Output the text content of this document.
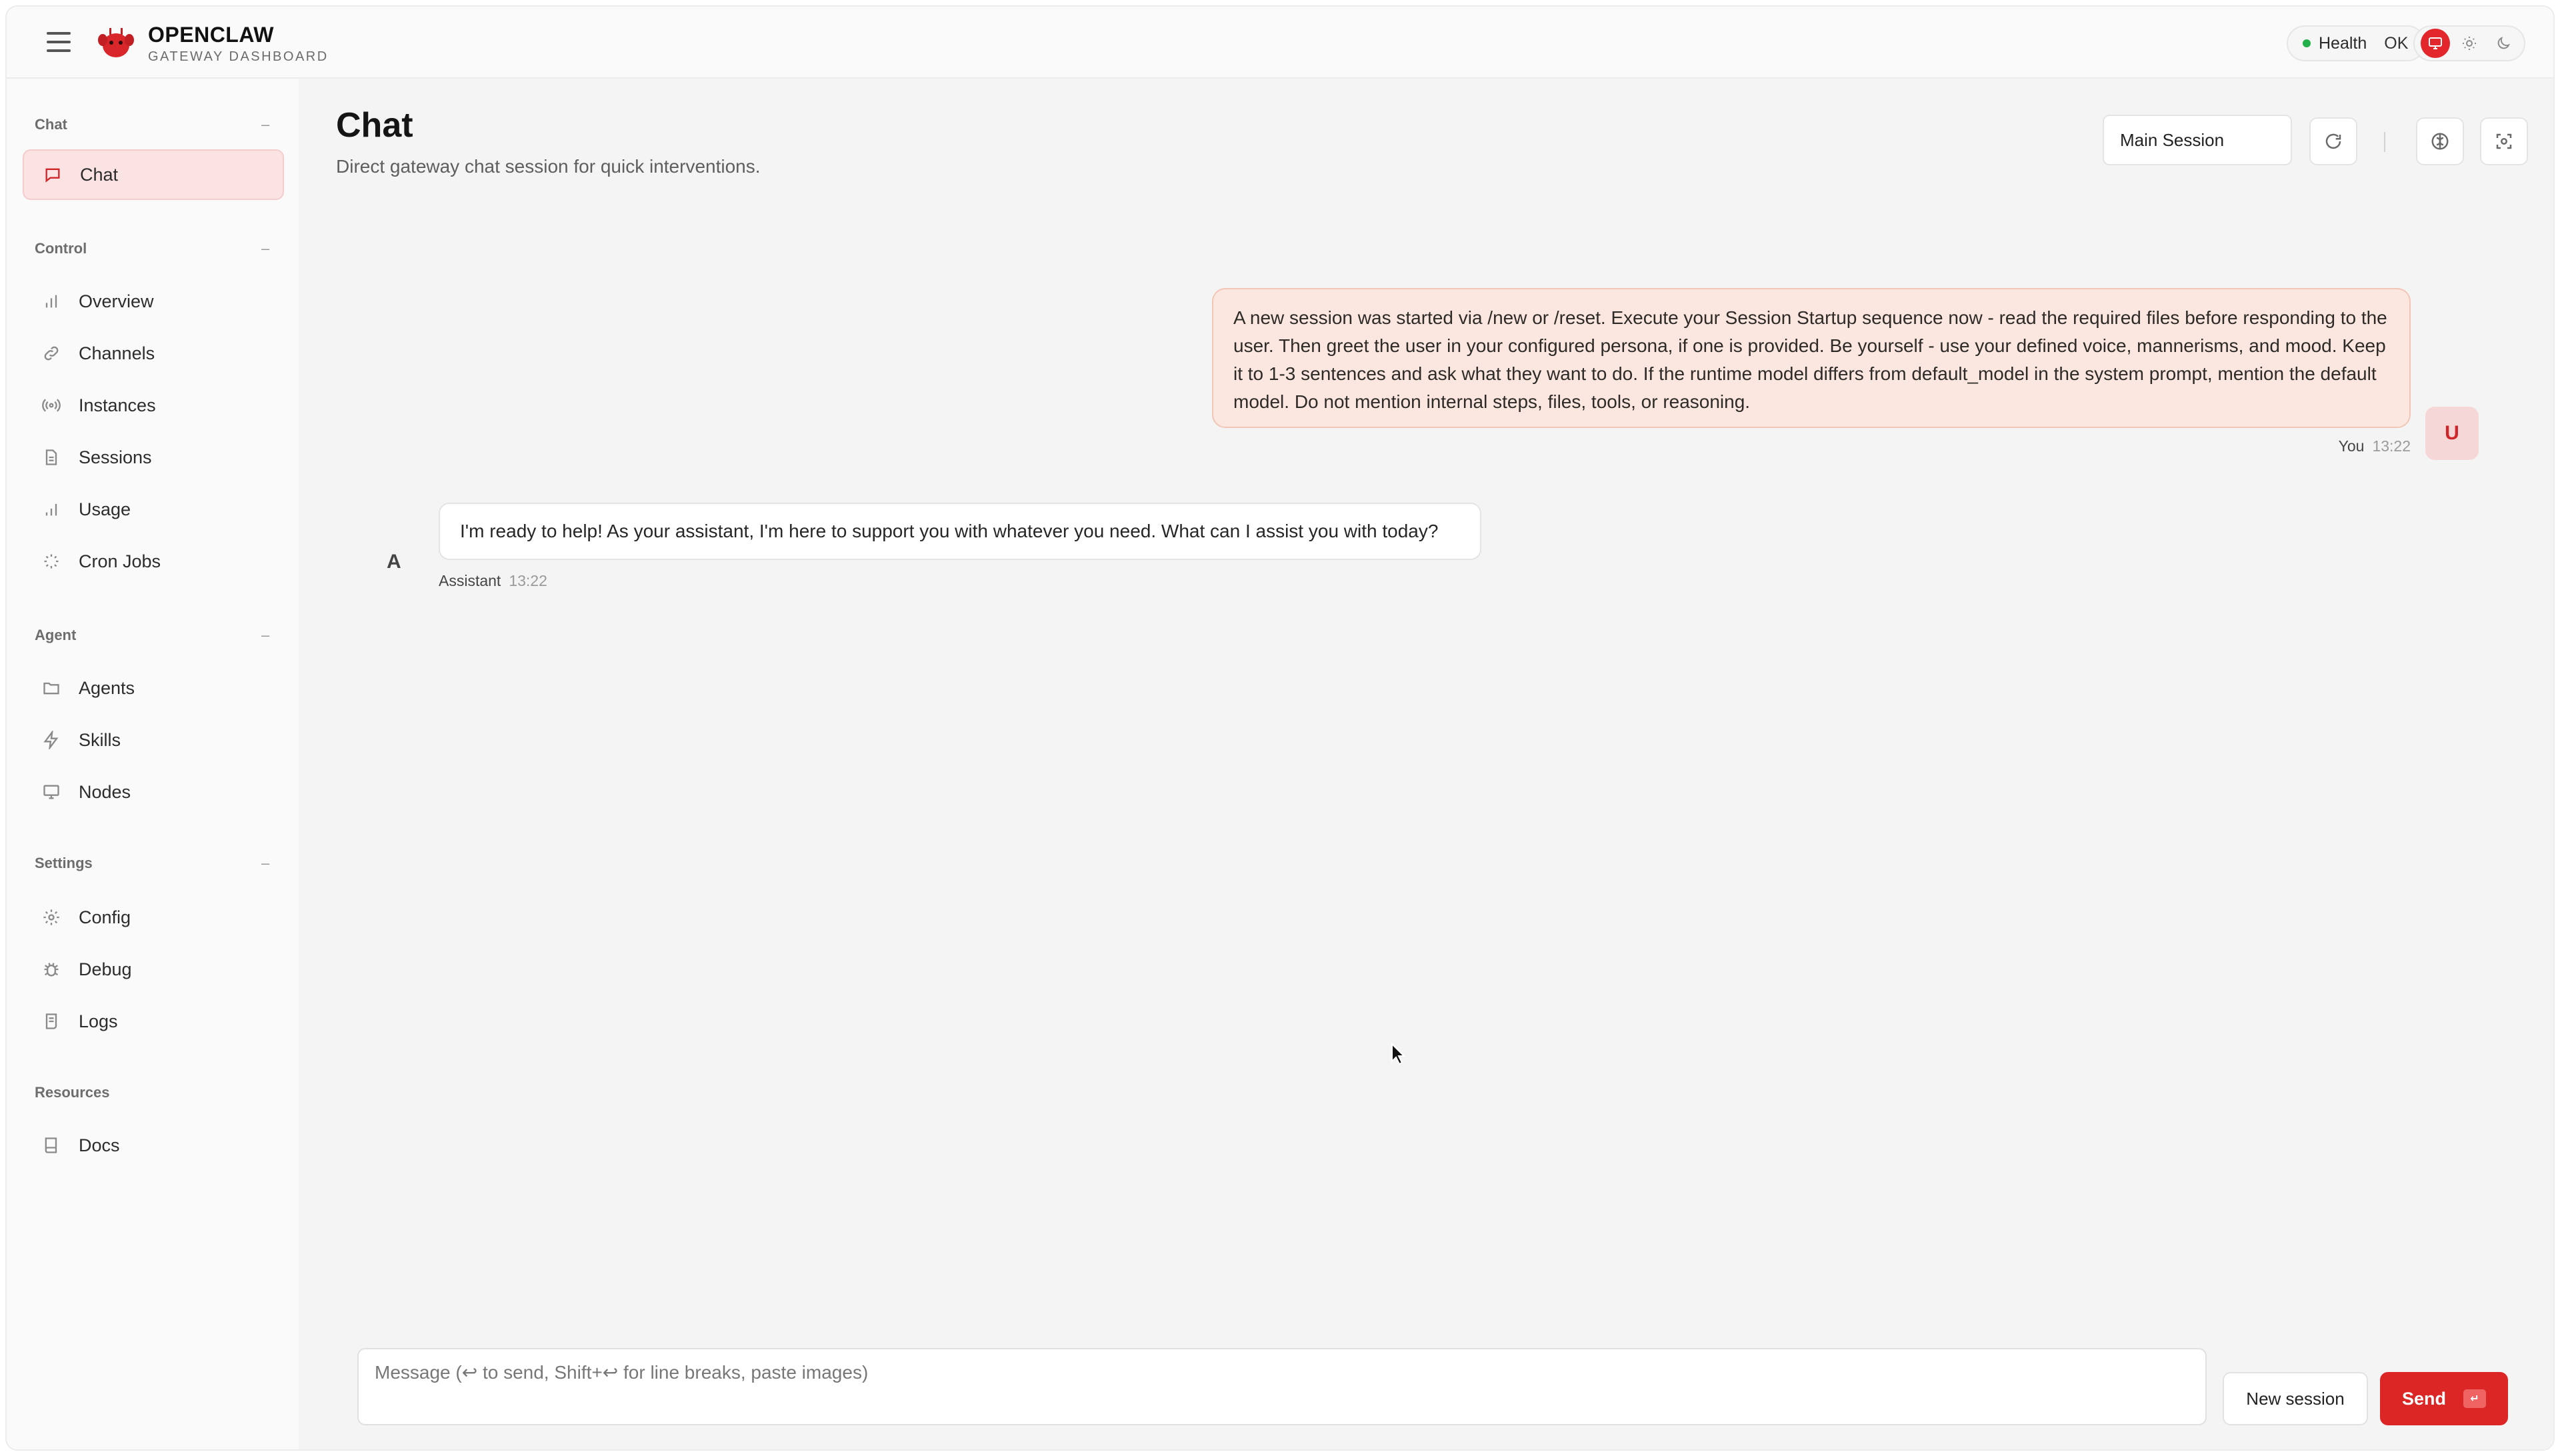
OPENCLAW
GATEWAY DASHBOARD
Health OK
Chat	–
Chat
Control	–
Overview
Channels
Instances
Sessions
Usage
Cron Jobs
Agent	–
Agents
Skills
Nodes
Settings	–
Config
Debug
Logs
Resources
Docs
Chat
Direct gateway chat session for quick interventions.
Main Session
A new session was started via /new or /reset. Execute your Session Startup sequence now - read the required files before responding to the user. Then greet the user in your configured persona, if one is provided. Be yourself - use your defined voice, mannerisms, and mood. Keep it to 1-3 sentences and ask what they want to do. If the runtime model differs from default_model in the system prompt, mention the default model. Do not mention internal steps, files, tools, or reasoning.
You 13:22
U
A
I'm ready to help! As your assistant, I'm here to support you with whatever you need. What can I assist you with today?
Assistant 13:22
Message (↩ to send, Shift+↩ for line breaks, paste images)
New session	Send	↵
